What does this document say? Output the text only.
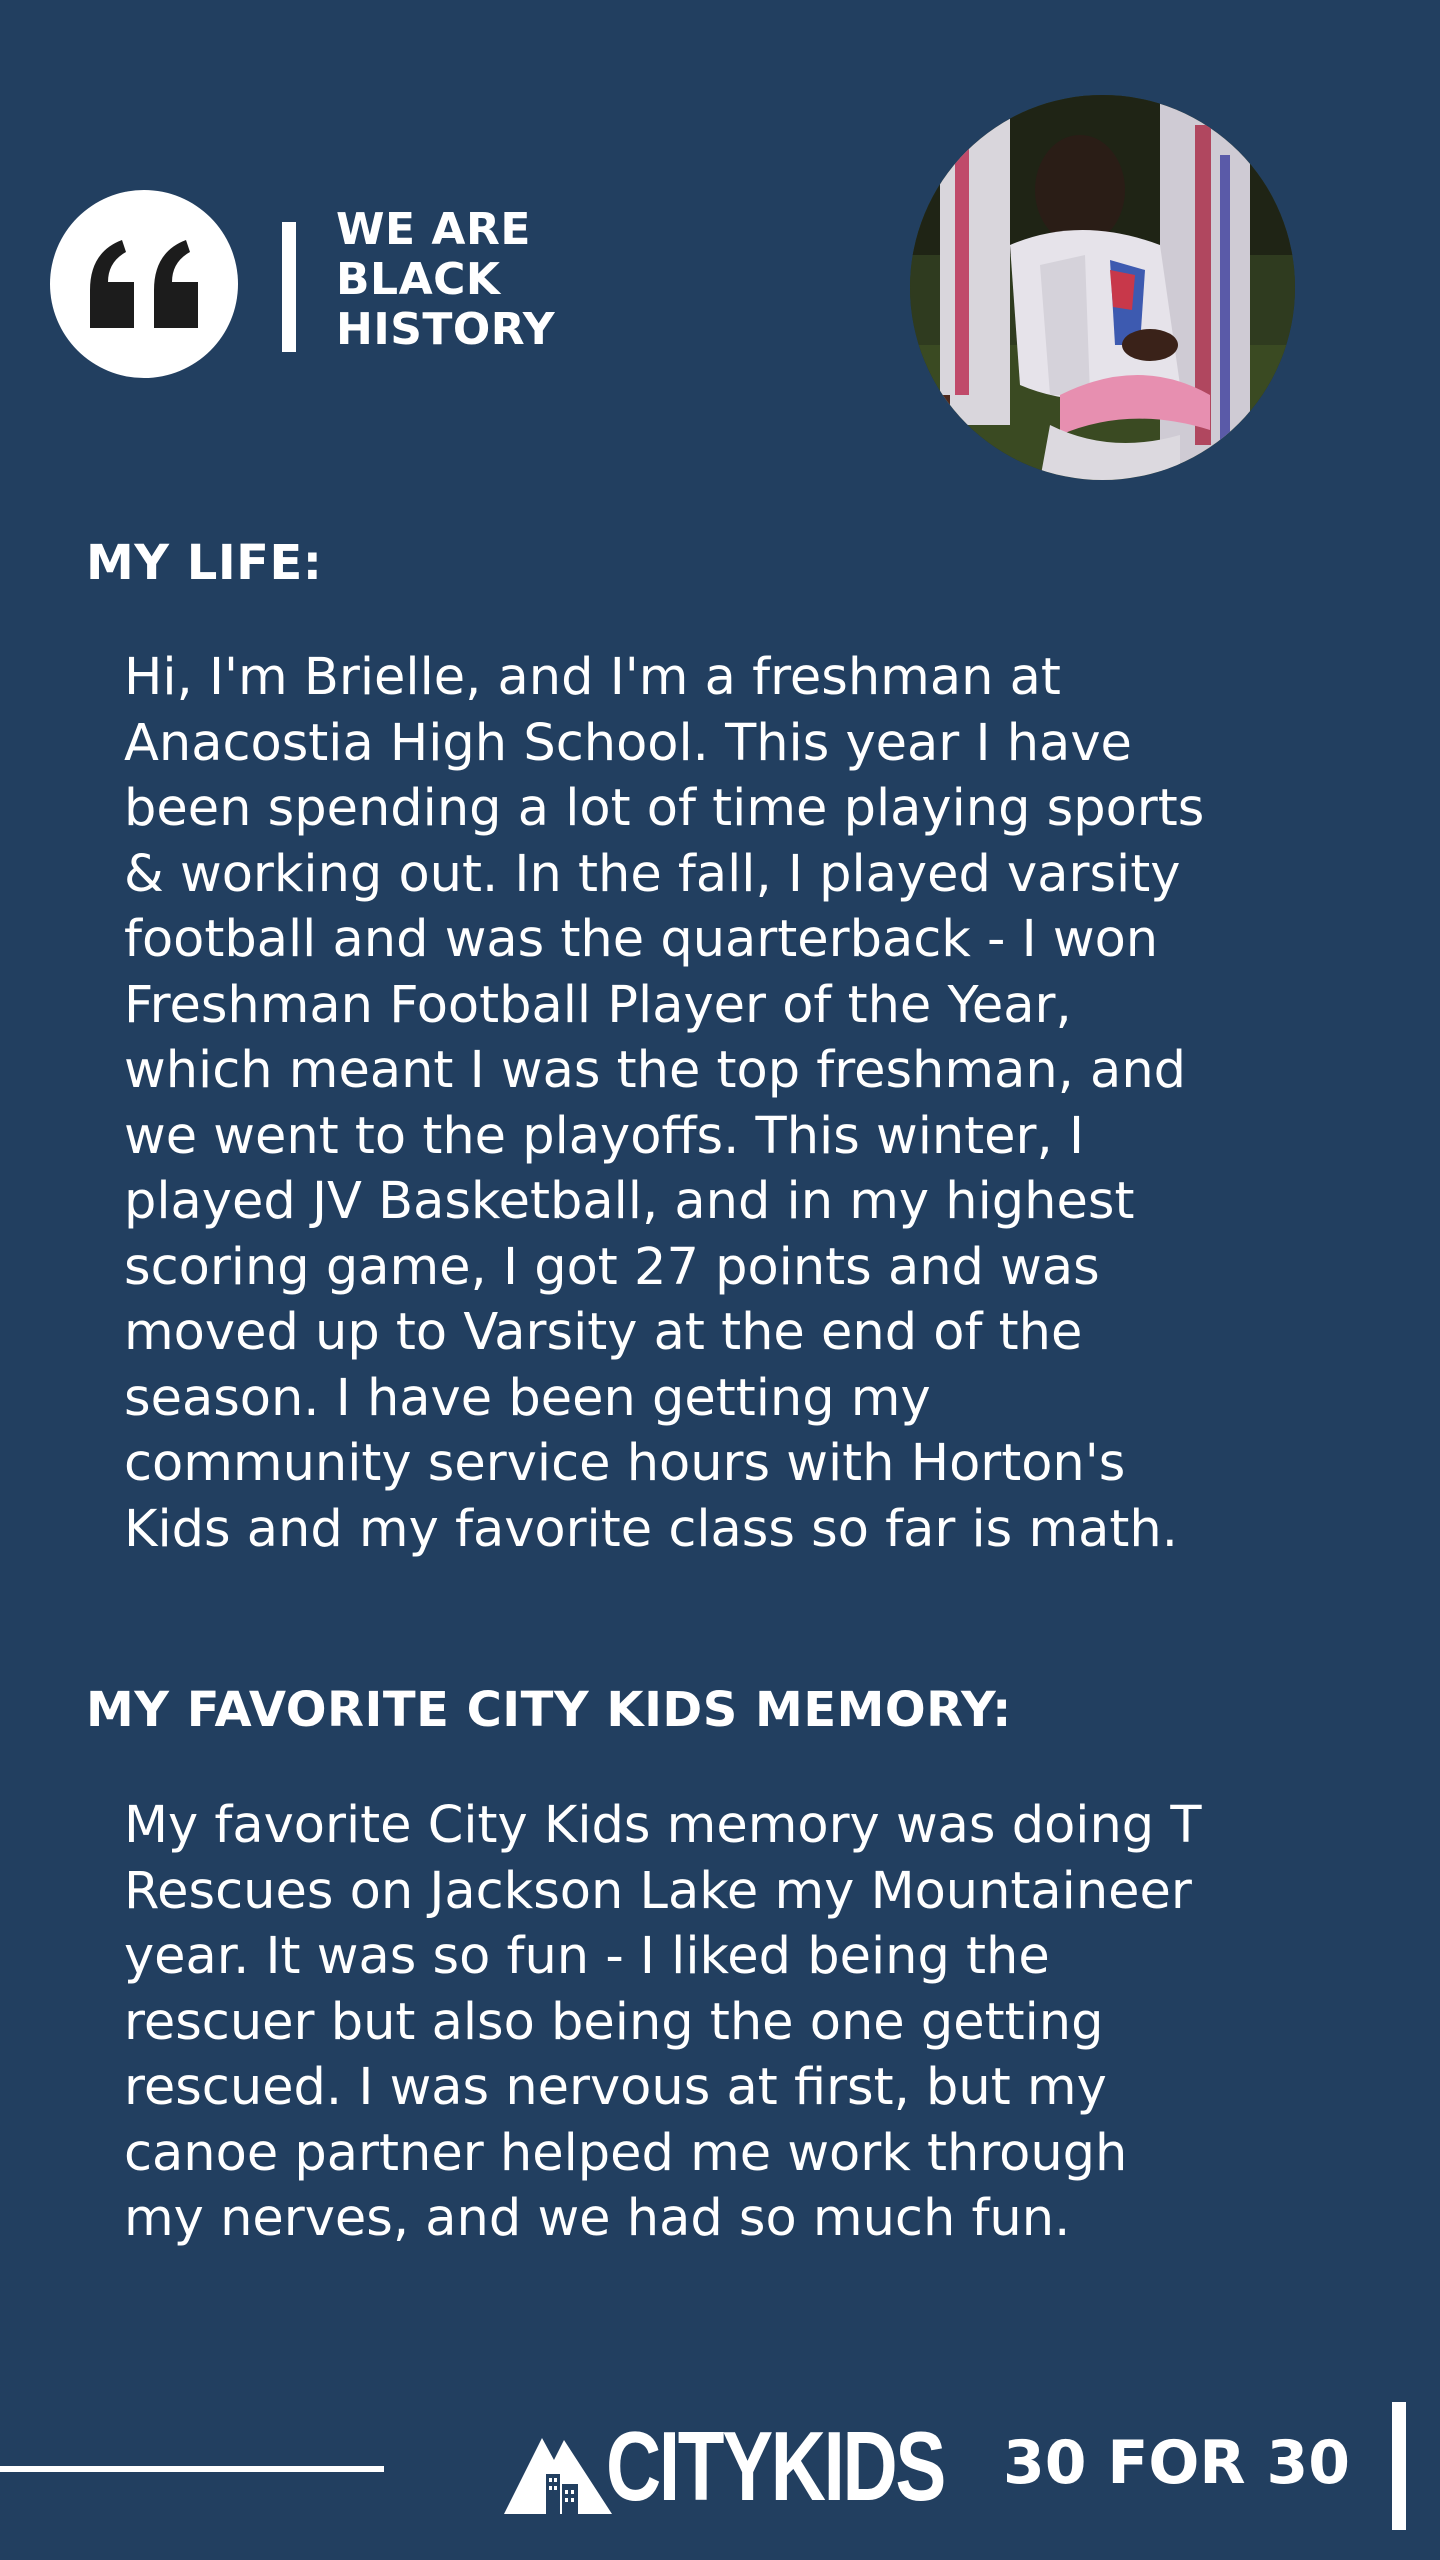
WE ARE
BLACK
HISTORY
MY LIFE:
Hi, I'm Brielle, and I'm a freshman at
Anacostia High School. This year I have
been spending a lot of time playing sports
& working out. In the fall, I played varsity
football and was the quarterback - I won
Freshman Football Player of the Year,
which meant I was the top freshman, and
we went to the playoffs. This winter, I
played JV Basketball, and in my highest
scoring game, I got 27 points and was
moved up to Varsity at the end of the
season. I have been getting my
community service hours with Horton's
Kids and my favorite class so far is math.
MY FAVORITE CITY KIDS MEMORY:
My favorite City Kids memory was doing T
Rescues on Jackson Lake my Mountaineer
year. It was so fun - I liked being the
rescuer but also being the one getting
rescued. I was nervous at first, but my
canoe partner helped me work through
my nerves, and we had so much fun.
CITYKIDS 30 FOR 30
